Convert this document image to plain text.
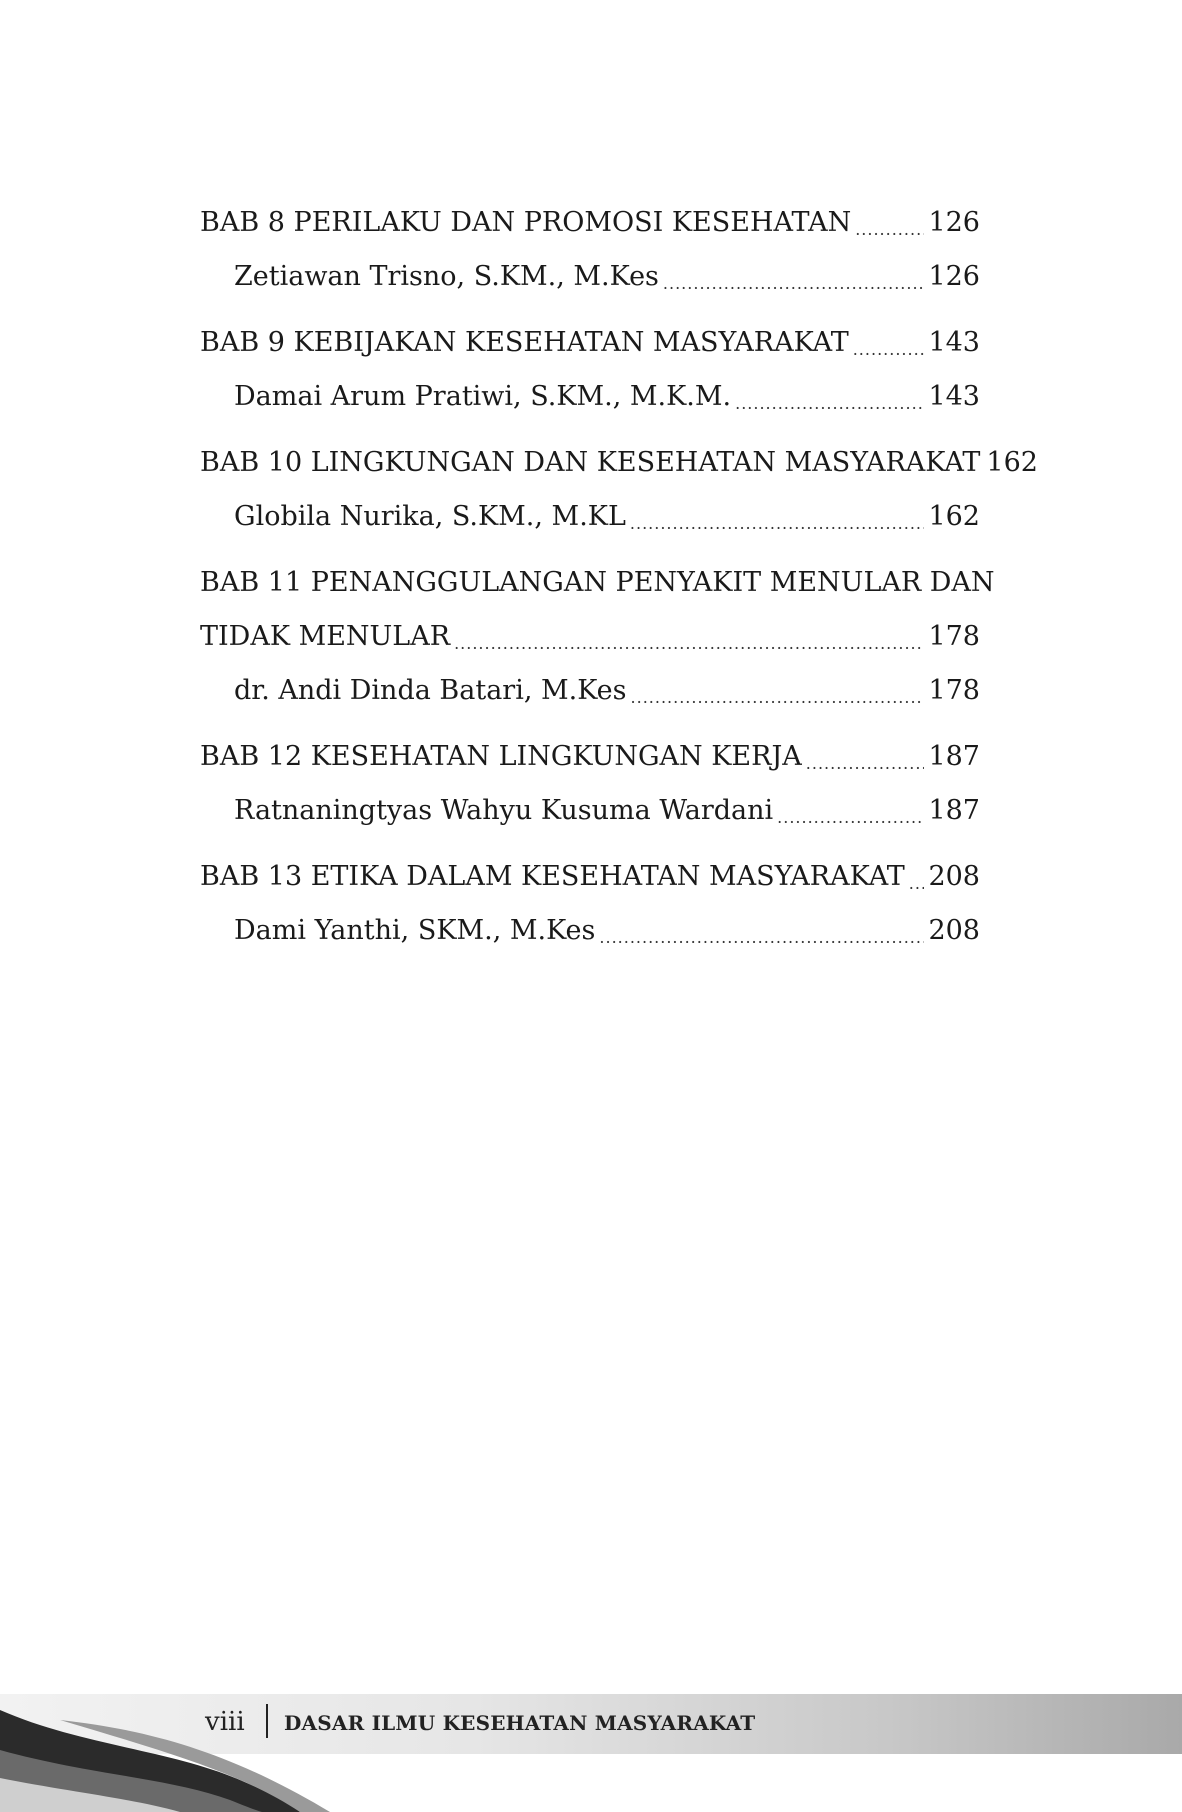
BAB 8 PERILAKU DAN PROMOSI KESEHATAN .....	126
Zetiawan Trisno, S.KM., M.Kes .....	126
BAB 9 KEBIJAKAN KESEHATAN MASYARAKAT .....	143
Damai Arum Pratiwi, S.KM., M.K.M. .....	143
BAB 10 LINGKUNGAN DAN KESEHATAN MASYARAKAT 162
Globila Nurika, S.KM., M.KL .....	162
BAB 11 PENANGGULANGAN PENYAKIT MENULAR DAN
TIDAK MENULAR .....	178
dr. Andi Dinda Batari, M.Kes .....	178
BAB 12 KESEHATAN LINGKUNGAN KERJA .....	187
Ratnaningtyas Wahyu Kusuma Wardani .....	187
BAB 13 ETIKA DALAM KESEHATAN MASYARAKAT ..... 208
Dami Yanthi, SKM., M.Kes .....	208
viii DASAR ILMU KESEHATAN MASYARAKAT
